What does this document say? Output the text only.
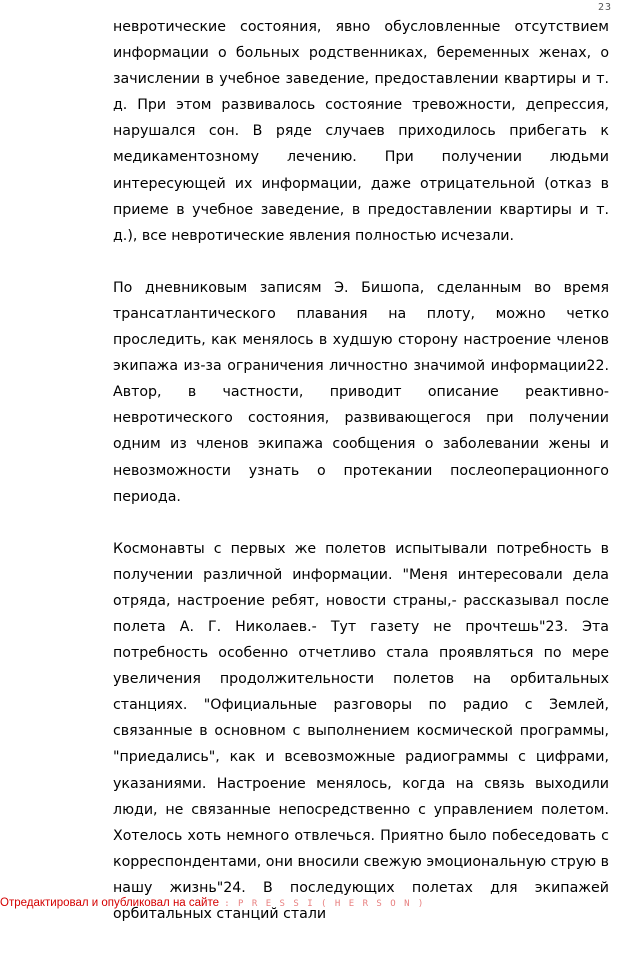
23

невротические состояния, явно обусловленные отсутствием информации о больных родственниках, беременных женах, о зачислении в учебное заведение, предоставлении квартиры и т. д. При этом развивалось состояние тревожности, депрессия, нарушался сон. В ряде случаев приходилось прибегать к медикаментозному лечению. При получении людьми интересующей их информации, даже отрицательной (отказ в приеме в учебное заведение, в предоставлении квартиры и т. д.), все невротические явления полностью исчезали.

По дневниковым записям Э. Бишопа, сделанным во время трансатлантического плавания на плоту, можно четко проследить, как менялось в худшую сторону настроение членов экипажа из-за ограничения личностно значимой информации22. Автор, в частности, приводит описание реактивно-невротического состояния, развивающегося при получении одним из членов экипажа сообщения о заболевании жены и невозможности узнать о протекании послеоперационного периода.

Космонавты с первых же полетов испытывали потребность в получении различной информации. "Меня интересовали дела отряда, настроение ребят, новости страны,- рассказывал после полета А. Г. Николаев.- Тут газету не прочтешь"23. Эта потребность особенно отчетливо стала проявляться по мере увеличения продолжительности полетов на орбитальных станциях. "Официальные разговоры по радио с Землей, связанные в основном с выполнением космической программы, "приедались", как и всевозможные радиограммы с цифрами, указаниями. Настроение менялось, когда на связь выходили люди, не связанные непосредственно с управлением полетом. Хотелось хоть немного отвлечься. Приятно было побеседовать с корреспондентами, они вносили свежую эмоциональную струю в нашу жизнь"24. В последующих полетах для экипажей орбитальных станций стали

Отредактировал и опубликовал на сайте : P R E S S I ( H E R S O N )
